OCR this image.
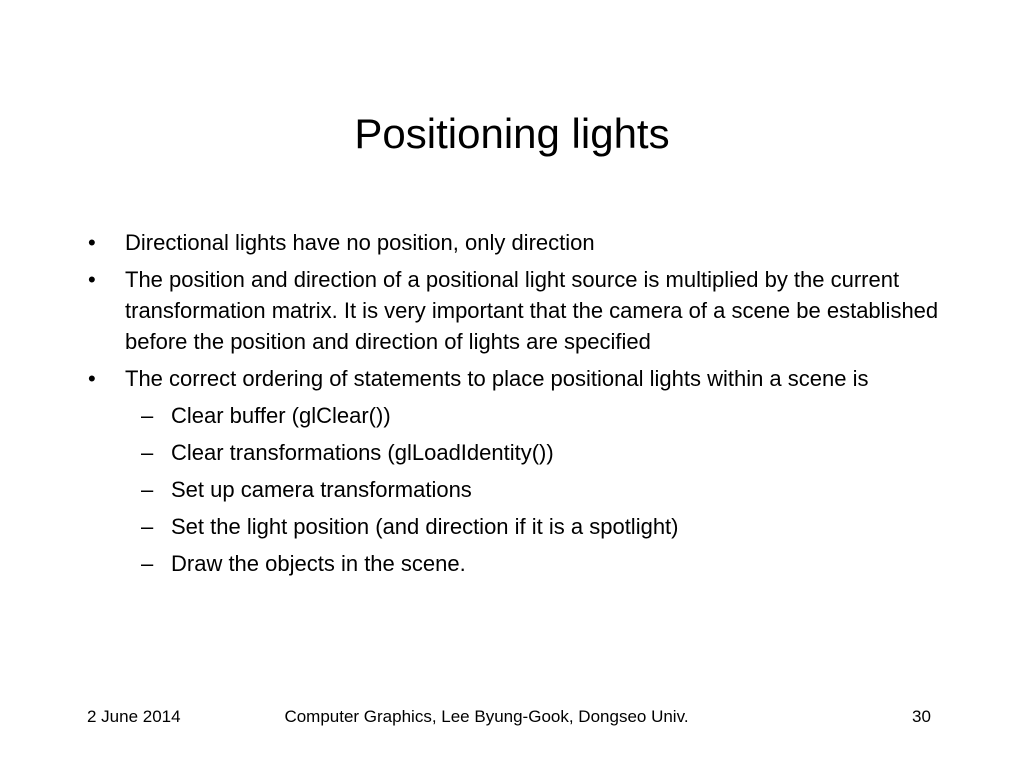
Positioning lights
•	Directional lights have no position, only direction
•	The position and direction of a positional light source is multiplied by the current transformation matrix. It is very important that the camera of a scene be established before the position and direction of lights are specified
•	The correct ordering of statements to place positional lights within a scene is
– Clear buffer (glClear())
– Clear transformations (glLoadIdentity())
– Set up camera transformations
– Set the light position (and direction if it is a spotlight)
– Draw the objects in the scene.
2 June 2014	Computer Graphics, Lee Byung-Gook, Dongseo Univ.	30
